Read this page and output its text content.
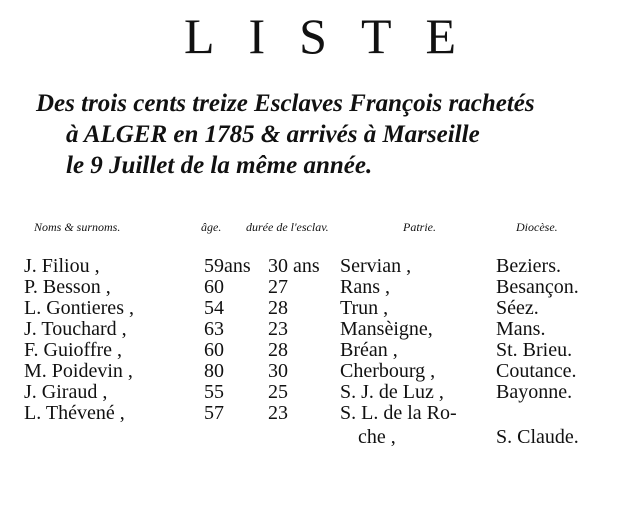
LISTE
Des trois cents treize Esclaves François rachetés
à ALGER en 1785 & arrivés à Marseille
le 9 Juillet de la même année.
Noms & surnoms.	âge. durée de l'esclav.	Patrie.	Diocèse.
J. Filiou ,	59ans 30 ans Servian ,	Beziers.
P. Besson ,	60 27	Rans ,	Besançon.
L. Gontieres ,	54 28	Trun ,	Séez.
J. Touchard ,	63 23	Mansèigne,	Mans.
F. Guioffre ,	60 28	Bréan ,	St. Brieu.
M. Poidevin ,	80 30	Cherbourg ,	Coutance.
J. Giraud ,	55 25	S. J. de Luz ,	Bayonne.
L. Thévené ,	57 23	S. L. de la Ro-
che ,	S. Claude.
